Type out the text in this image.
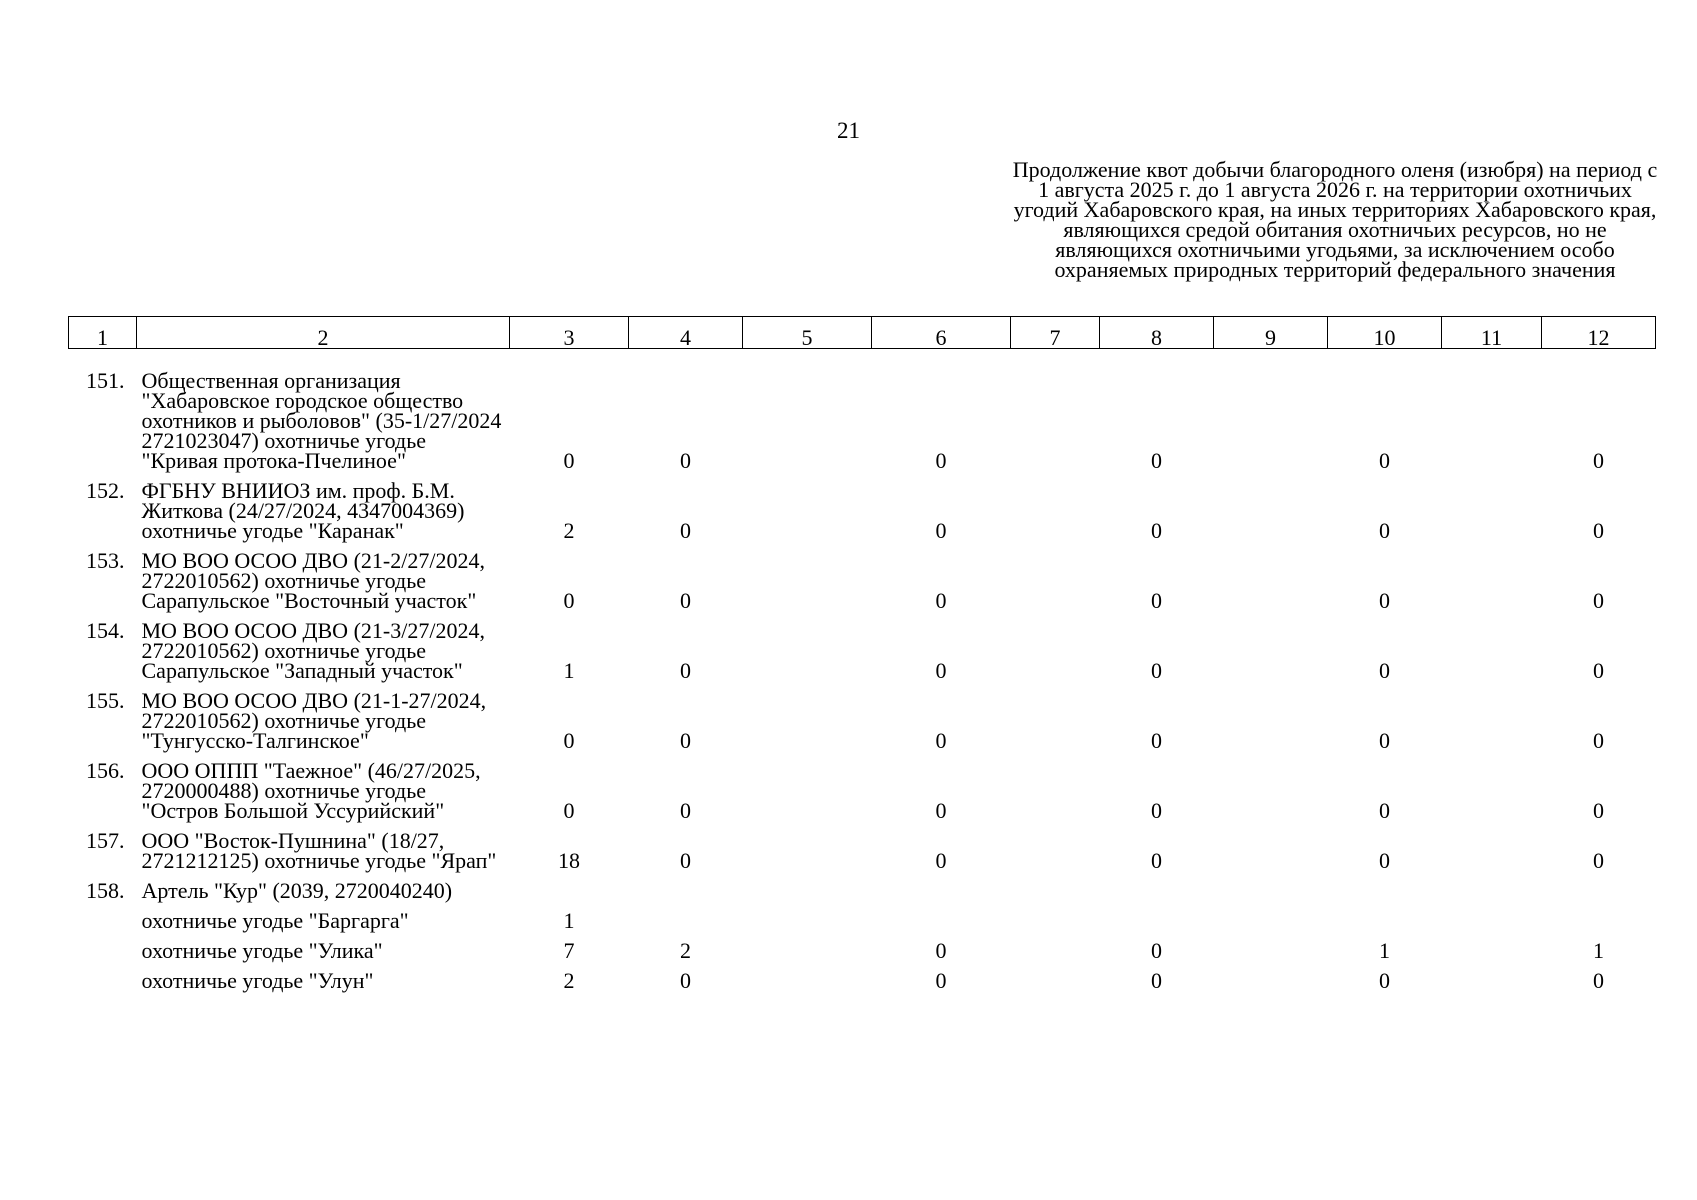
21
Продолжение квот добычи благородного оленя (изюбря) на период с 1 августа 2025 г. до 1 августа 2026 г. на территории охотничьих угодий Хабаровского края, на иных территориях Хабаровского края, являющихся средой обитания охотничьих ресурсов, но не являющихся охотничьими угодьями, за исключением особо охраняемых природных территорий федерального значения
1	2	3	4	5	6	7	8	9	10	11	12

151.	Общественная организация "Хабаровское городское общество охотников и рыболовов" (35-1/27/2024 2721023047) охотничье угодье "Кривая протока-Пчелиное"	0	0		0		0		0		0
152.	ФГБНУ ВНИИОЗ им. проф. Б.М. Житкова (24/27/2024, 4347004369) охотничье угодье "Каранак"	2	0		0		0		0		0
153.	МО ВОО ОСОО ДВО (21-2/27/2024, 2722010562) охотничье угодье Сарапульское "Восточный участок"	0	0		0		0		0		0
154.	МО ВОО ОСОО ДВО (21-3/27/2024, 2722010562) охотничье угодье Сарапульское "Западный участок"	1	0		0		0		0		0
155.	МО ВОО ОСОО ДВО (21-1-27/2024, 2722010562) охотничье угодье "Тунгусско-Талгинское"	0	0		0		0		0		0
156.	ООО ОППП "Таежное" (46/27/2025, 2720000488) охотничье угодье "Остров Большой Уссурийский"	0	0		0		0		0		0
157.	ООО "Восток-Пушнина" (18/27, 2721212125) охотничье угодье "Ярап"	18	0		0		0		0		0
158.	Артель "Кур" (2039, 2720040240)										
	охотничье угодье "Баргарга"	1									
	охотничье угодье "Улика"	7	2		0		0		1		1
	охотничье угодье "Улун"	2	0		0		0		0		0
